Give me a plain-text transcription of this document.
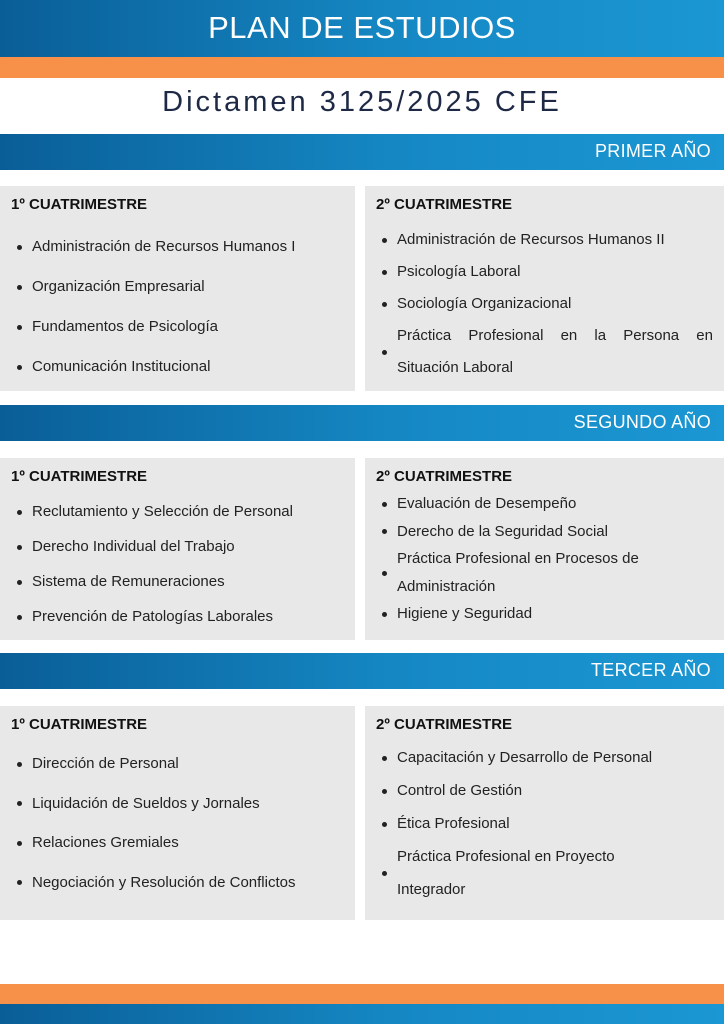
PLAN DE ESTUDIOS
Dictamen 3125/2025 CFE
PRIMER AÑO
1º CUATRIMESTRE
Administración de Recursos Humanos I
Organización Empresarial
Fundamentos de Psicología
Comunicación Institucional
2º CUATRIMESTRE
Administración de Recursos Humanos II
Psicología Laboral
Sociología Organizacional
Práctica Profesional en la Persona en Situación Laboral
SEGUNDO AÑO
1º CUATRIMESTRE
Reclutamiento y Selección de Personal
Derecho Individual del Trabajo
Sistema de Remuneraciones
Prevención de Patologías Laborales
2º CUATRIMESTRE
Evaluación de Desempeño
Derecho de la Seguridad Social
Práctica Profesional en Procesos de Administración
Higiene y Seguridad
TERCER AÑO
1º CUATRIMESTRE
Dirección de Personal
Liquidación de Sueldos y Jornales
Relaciones Gremiales
Negociación y Resolución de Conflictos
2º CUATRIMESTRE
Capacitación y Desarrollo de Personal
Control de Gestión
Ética Profesional
Práctica Profesional en Proyecto Integrador
